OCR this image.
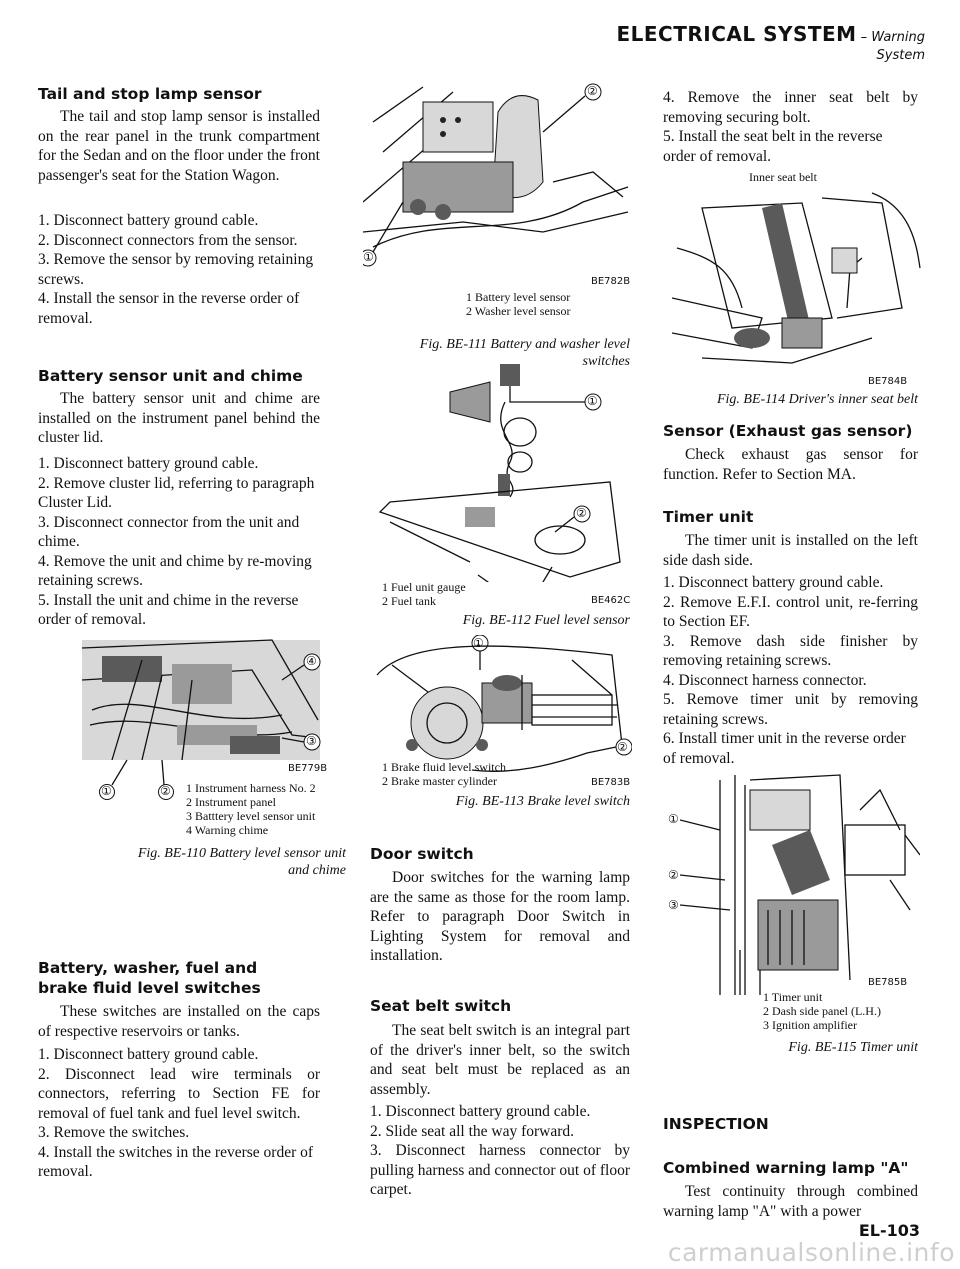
ELECTRICAL SYSTEM – Warning System

Tail and stop lamp sensor

The tail and stop lamp sensor is installed on the rear panel in the trunk compartment for the Sedan and on the floor under the front passenger's seat for the Station Wagon.

1. Disconnect battery ground cable.

2. Disconnect connectors from the sensor.

3. Remove the sensor by removing retaining screws.

4. Install the sensor in the reverse order of removal.

Battery sensor unit and chime

The battery sensor unit and chime are installed on the instrument panel behind the cluster lid.

1. Disconnect battery ground cable.

2. Remove cluster lid, referring to paragraph Cluster Lid.

3. Disconnect connector from the unit and chime.

4. Remove the unit and chime by re-moving retaining screws.

5. Install the unit and chime in the reverse order of removal.

④
③
①	②
BE779B
1 Instrument harness No. 2
2 Instrument panel
3 Batttery level sensor unit
4 Warning chime
Fig. BE-110 Battery level sensor unit
and chime

Battery, washer, fuel and

brake fluid level switches

These switches are installed on the caps of respective reservoirs or tanks.

1. Disconnect battery ground cable.

2. Disconnect lead wire terminals or connectors, referring to Section FE for removal of fuel tank and fuel level switch.

3. Remove the switches.

4. Install the switches in the reverse order of removal.

②
①
BE782B
1 Battery level sensor
2 Washer level sensor
Fig. BE-111 Battery and washer level
switches
①
②
1 Fuel unit gauge
2 Fuel tank	BE462C
Fig. BE-112 Fuel level sensor
①
②
1 Brake fluid level switch
2 Brake master cylinder	BE783B
Fig. BE-113 Brake level switch

Door switch

Door switches for the warning lamp are the same as those for the room lamp. Refer to paragraph Door Switch in Lighting System for removal and installation.

Seat belt switch

The seat belt switch is an integral part of the driver's inner belt, so the switch and seat belt must be replaced as an assembly.

1. Disconnect battery ground cable.

2. Slide seat all the way forward.

3. Disconnect harness connector by pulling harness and connector out of floor carpet.

4. Remove the inner seat belt by removing securing bolt.

5. Install the seat belt in the reverse order of removal.

Inner seat belt
BE784B
Fig. BE-114 Driver's inner seat belt

Sensor (Exhaust gas sensor)

Check exhaust gas sensor for function. Refer to Section MA.

Timer unit

The timer unit is installed on the left side dash side.

1. Disconnect battery ground cable.

2. Remove E.F.I. control unit, re-ferring to Section EF.

3. Remove dash side finisher by removing retaining screws.

4. Disconnect harness connector.

5. Remove timer unit by removing retaining screws.

6. Install timer unit in the reverse order of removal.

①
②
③
BE785B
1 Timer unit
2 Dash side panel (L.H.)
3 Ignition amplifier
Fig. BE-115 Timer unit

INSPECTION

Combined warning lamp "A"

Test continuity through combined warning lamp "A" with a power

EL-103
carmanualsonline.info
